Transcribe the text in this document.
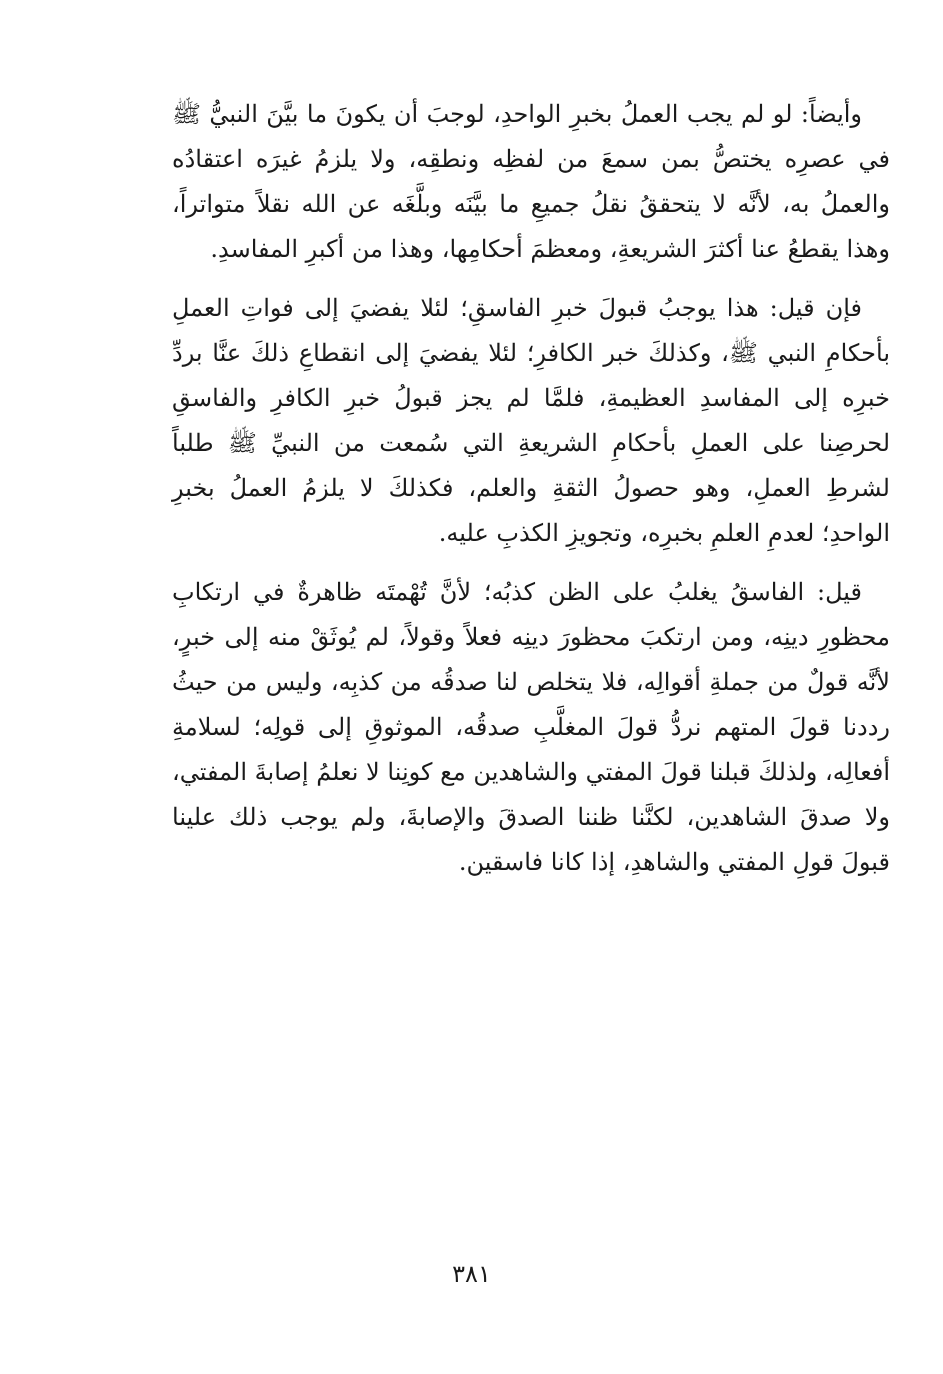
وأيضاً: لو لم يجب العملُ بخبرِ الواحدِ، لوجبَ أن يكونَ ما بيَّنَ النبيُّ ﷺ في عصرِه يختصُّ بمن سمعَ من لفظِه ونطقِه، ولا يلزمُ غيرَه اعتقادُه والعملُ به، لأنَّه لا يتحققُ نقلُ جميعِ ما بيَّنَه وبلَّغَه عن الله نقلاً متواتراً، وهذا يقطعُ عنا أكثرَ الشريعةِ، ومعظمَ أحكامِها، وهذا من أكبرِ المفاسدِ.

فإن قيل: هذا يوجبُ قبولَ خبرِ الفاسقِ؛ لئلا يفضيَ إلى فواتِ العملِ بأحكامِ النبي ﷺ، وكذلكَ خبر الكافرِ؛ لئلا يفضيَ إلى انقطاعِ ذلكَ عنَّا بردِّ خبرِه إلى المفاسدِ العظيمةِ، فلمَّا لم يجز قبولُ خبرِ الكافرِ والفاسقِ لحرصِنا على العملِ بأحكامِ الشريعةِ التي سُمعت من النبيِّ ﷺ طلباً لشرطِ العملِ، وهو حصولُ الثقةِ والعلم، فكذلكَ لا يلزمُ العملُ بخبرِ الواحدِ؛ لعدمِ العلمِ بخبرِه، وتجويزِ الكذبِ عليه.

قيل: الفاسقُ يغلبُ على الظن كذبُه؛ لأنَّ تُهْمتَه ظاهرةٌ في ارتكابِ محظورِ دينِه، ومن ارتكبَ محظورَ دينِه فعلاً وقولاً، لم يُوثَقْ منه إلى خبرٍ، لأنَّه قولٌ من جملةِ أقوالِه، فلا يتخلص لنا صدقُه من كذبِه، وليس من حيثُ رددنا قولَ المتهم نردُّ قولَ المغلَّبِ صدقُه، الموثوقِ إلى قولِه؛ لسلامةِ أفعالِه، ولذلكَ قبلنا قولَ المفتي والشاهدين مع كونِنا لا نعلمُ إصابةَ المفتي، ولا صدقَ الشاهدين، لكنَّنا ظننا الصدقَ والإصابةَ، ولم يوجب ذلك علينا قبولَ قولِ المفتي والشاهدِ، إذا كانا فاسقين.

٣٨١
